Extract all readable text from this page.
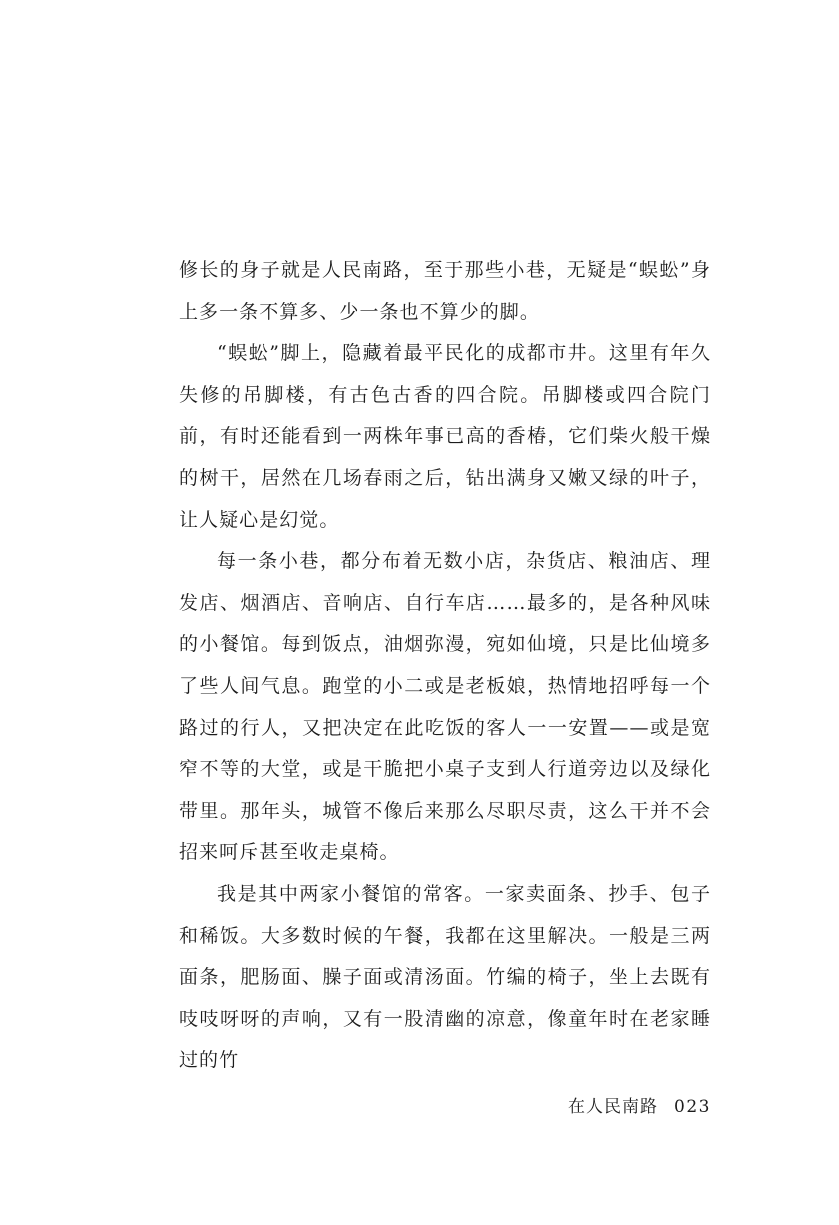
修长的身子就是人民南路，至于那些小巷，无疑是“蜈蚣”身上多一条不算多、少一条也不算少的脚。

“蜈蚣”脚上，隐藏着最平民化的成都市井。这里有年久失修的吊脚楼，有古色古香的四合院。吊脚楼或四合院门前，有时还能看到一两株年事已高的香椿，它们柴火般干燥的树干，居然在几场春雨之后，钻出满身又嫩又绿的叶子，让人疑心是幻觉。

每一条小巷，都分布着无数小店，杂货店、粮油店、理发店、烟酒店、音响店、自行车店……最多的，是各种风味的小餐馆。每到饭点，油烟弥漫，宛如仙境，只是比仙境多了些人间气息。跑堂的小二或是老板娘，热情地招呼每一个路过的行人，又把决定在此吃饭的客人一一安置——或是宽窄不等的大堂，或是干脆把小桌子支到人行道旁边以及绿化带里。那年头，城管不像后来那么尽职尽责，这么干并不会招来呵斥甚至收走桌椅。

我是其中两家小餐馆的常客。一家卖面条、抄手、包子和稀饭。大多数时候的午餐，我都在这里解决。一般是三两面条，肥肠面、臊子面或清汤面。竹编的椅子，坐上去既有吱吱呀呀的声响，又有一股清幽的凉意，像童年时在老家睡过的竹

在人民南路 023
